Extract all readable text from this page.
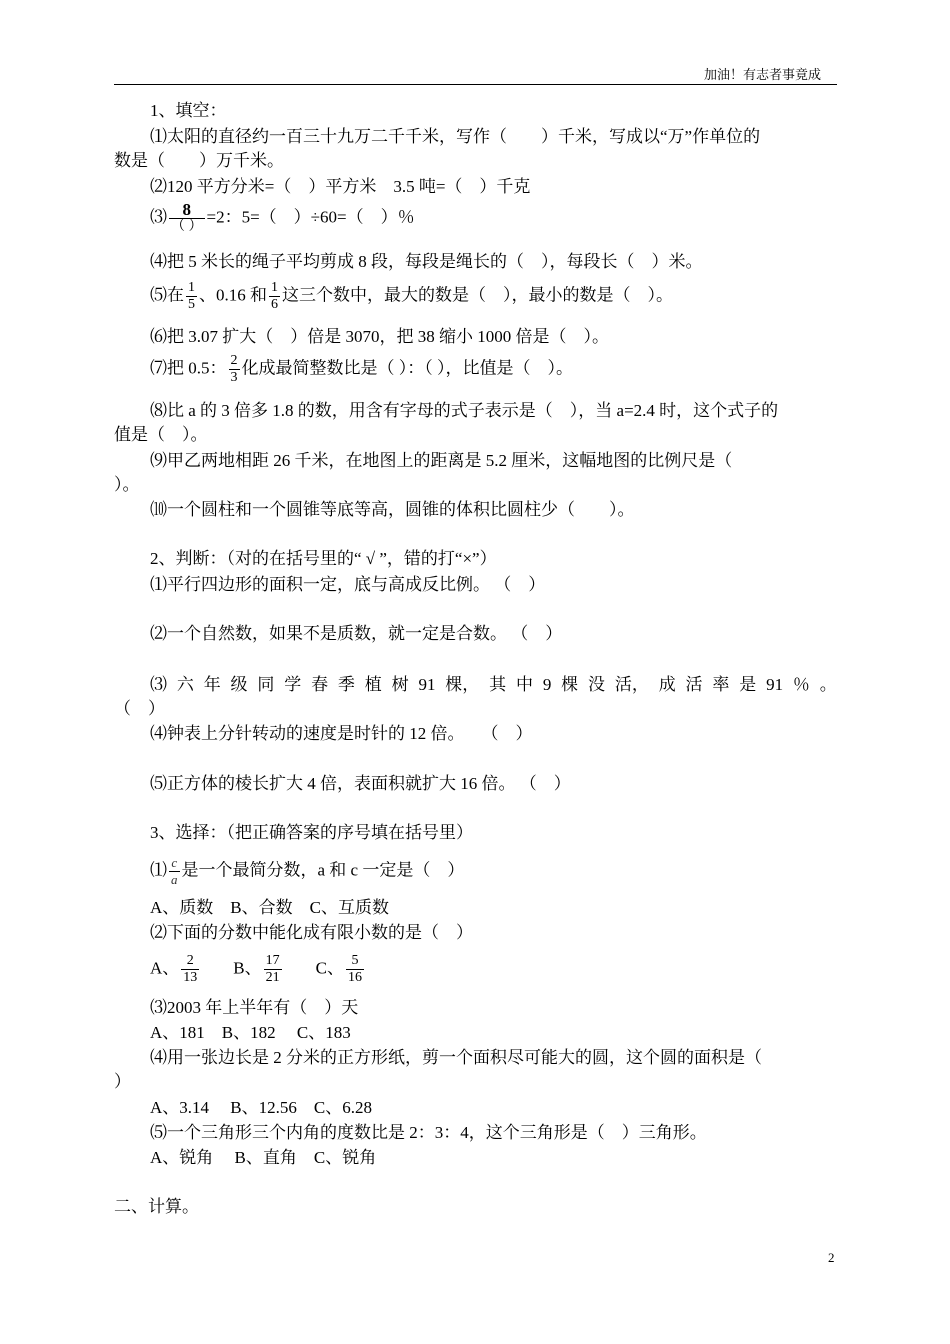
加油！有志者事竟成
1、填空：
⑴太阳的直径约一百三十九万二千千米，写作（　　）千米，写成以“万”作单位的
数是（　　）万千米。
⑵120 平方分米=（　）平方米　3.5 吨=（　）千克
⑶ 8
（ ）
=2：5=（　）÷60=（　）％
⑷把 5 米长的绳子平均剪成 8 段，每段是绳长的（　），每段长（　）米。
⑸在 $\frac{1}{5}$ 、0.16 和 $\frac{1}{6}$ 这三个数中，最大的数是（　），最小的数是（　）。
⑹把 3.07 扩大（　）倍是 3070，把 38 缩小 1000 倍是（　）。
⑺把 0.5： $\frac{2}{3}$ 化成最简整数比是（ ）：（ ），比值是（　）。
⑻比 a 的 3 倍多 1.8 的数，用含有字母的式子表示是（　），当 a=2.4 时，这个式子的
值是（　）。
⑼甲乙两地相距 26 千米，在地图上的距离是 5.2 厘米，这幅地图的比例尺是（
）。
⑽一个圆柱和一个圆锥等底等高，圆锥的体积比圆柱少（　　）。
2、判断：（对的在括号里的“ √ ”，错的打“×”）
⑴平行四边形的面积一定，底与高成反比例。 （　）
⑵一个自然数，如果不是质数，就一定是合数。 （　）
⑶ 六 年 级 同 学 春 季 植 树 91 棵， 其 中 9 棵 没 活， 成 活 率 是 91 ％ 。
（　）
⑷钟表上分针转动的速度是时针的 12 倍。　　（　）
⑸正方体的棱长扩大 4 倍，表面积就扩大 16 倍。 （　）
3、选择：（把正确答案的序号填在括号里）
⑴ $\frac{c}{a}$ 是一个最简分数，a 和 c 一定是（　）
A、质数　B、合数　C、互质数
⑵下面的分数中能化成有限小数的是（　）
A、 $\frac{2}{13}$ B、 $\frac{17}{21}$ C、 $\frac{5}{16}$
⑶2003 年上半年有（　）天
A、181　B、182　 C、183
⑷用一张边长是 2 分米的正方形纸，剪一个面积尽可能大的圆，这个圆的面积是（
）
A、3.14　 B、12.56　C、6.28
⑸一个三角形三个内角的度数比是 2：3：4，这个三角形是（　）三角形。
A、锐角　 B、直角　C、锐角
二、计算。
2
